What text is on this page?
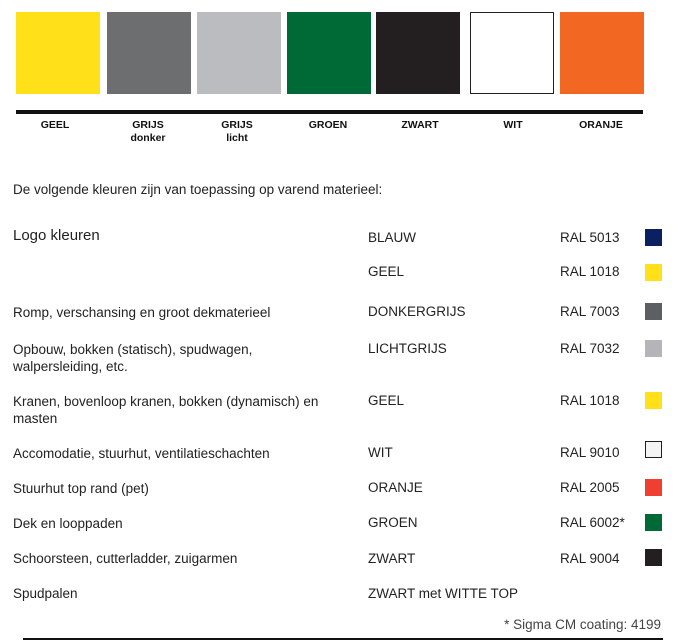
GEEL	GRIJS
donker
GRIJS
licht
GROEN	ZWART	WIT	ORANJE
De volgende kleuren zijn van toepassing op varend materieel:
Logo kleuren	BLAUW	RAL 5013
GEEL	RAL 1018
Romp, verschansing en groot dekmaterieel	DONKERGRIJS	RAL 7003
Opbouw, bokken (statisch), spudwagen, walpersleiding, etc.
LICHTGRIJS	RAL 7032
Kranen, bovenloop kranen, bokken (dynamisch) en masten
GEEL	RAL 1018
Accomodatie, stuurhut, ventilatieschachten	WIT	RAL 9010
Stuurhut top rand (pet)	ORANJE	RAL 2005
Dek en looppaden	GROEN	RAL 6002*
Schoorsteen, cutterladder, zuigarmen	ZWART	RAL 9004
Spudpalen	ZWART met WITTE TOP
* Sigma CM coating: 4199
